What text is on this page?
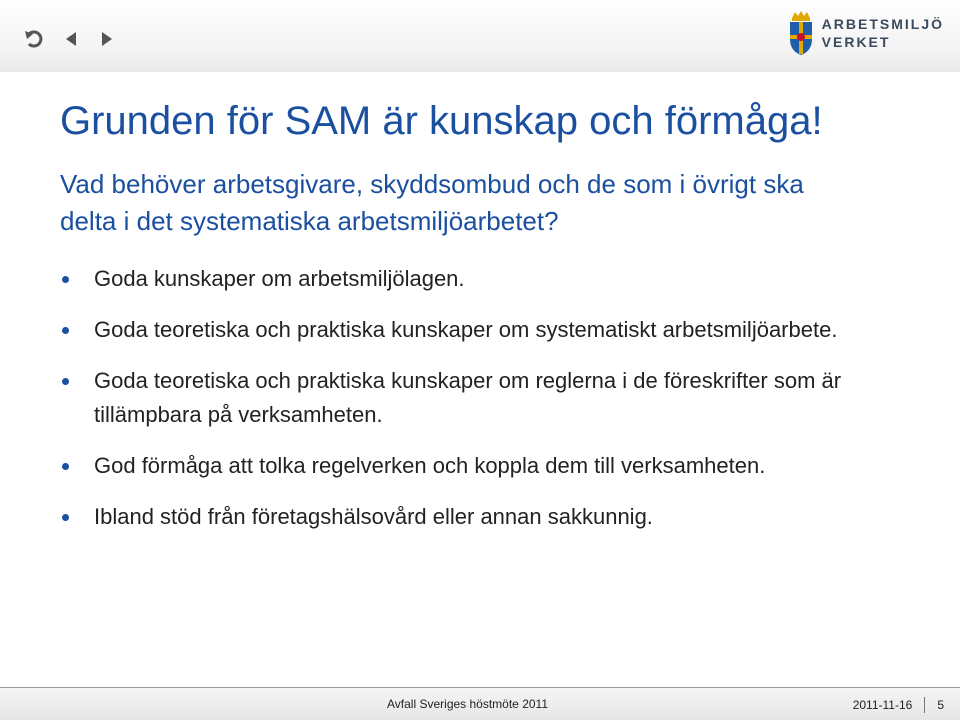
ARBETSMILJÖ
VERKET
Grunden för SAM är kunskap och förmåga!
Vad behöver arbetsgivare, skyddsombud och de som i övrigt ska delta i det systematiska arbetsmiljöarbetet?
Goda kunskaper om arbetsmiljölagen.
Goda teoretiska och praktiska kunskaper om systematiskt arbetsmiljöarbete.
Goda teoretiska och praktiska kunskaper om reglerna i de föreskrifter som är tillämpbara på verksamheten.
God förmåga att tolka regelverken och koppla dem till verksamheten.
Ibland stöd från företagshälsovård eller annan sakkunnig.
Avfall Sveriges höstmöte 2011	2011-11-16 5
